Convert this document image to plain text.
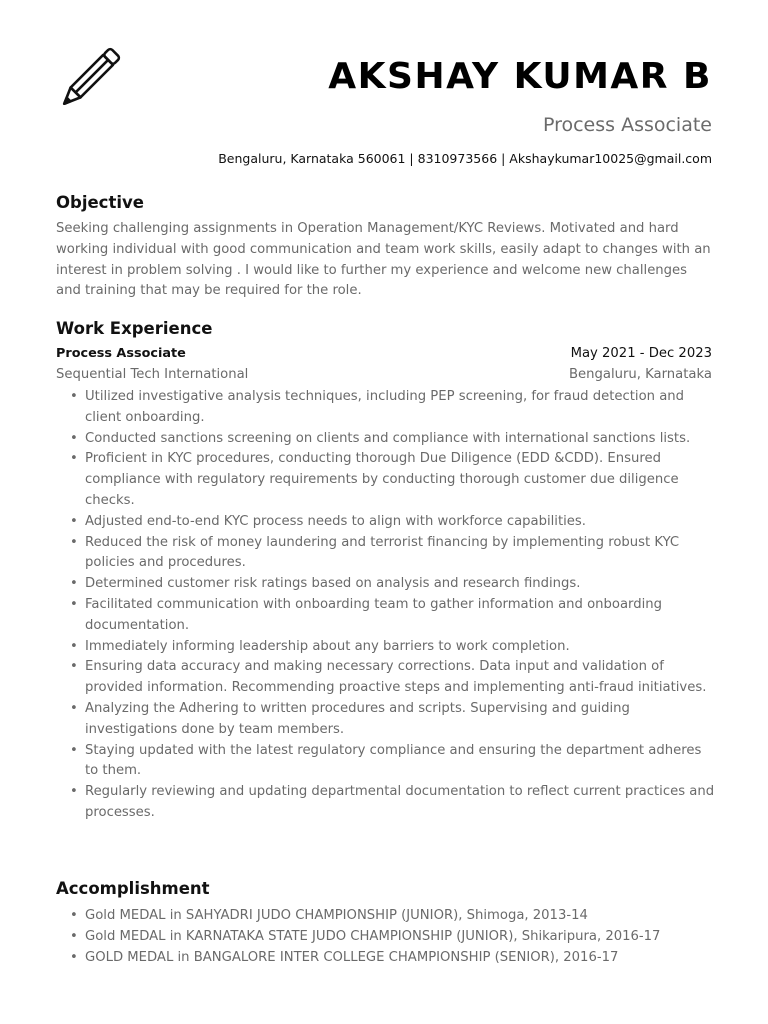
AKSHAY KUMAR B
Process Associate
Bengaluru, Karnataka 560061 | 8310973566 | Akshaykumar10025@gmail.com
Objective
Seeking challenging assignments in Operation Management/KYC Reviews. Motivated and hard working individual with good communication and team work skills, easily adapt to changes with an interest in problem solving . I would like to further my experience and welcome new challenges and training that may be required for the role.
Work Experience
Process Associate	May 2021 - Dec 2023
Sequential Tech International	Bengaluru, Karnataka
• Utilized investigative analysis techniques, including PEP screening, for fraud detection and client onboarding.
• Conducted sanctions screening on clients and compliance with international sanctions lists.
• Proficient in KYC procedures, conducting thorough Due Diligence (EDD &CDD). Ensured compliance with regulatory requirements by conducting thorough customer due diligence checks.
• Adjusted end-to-end KYC process needs to align with workforce capabilities.
• Reduced the risk of money laundering and terrorist financing by implementing robust KYC policies and procedures.
• Determined customer risk ratings based on analysis and research findings.
• Facilitated communication with onboarding team to gather information and onboarding documentation.
• Immediately informing leadership about any barriers to work completion.
• Ensuring data accuracy and making necessary corrections. Data input and validation of provided information. Recommending proactive steps and implementing anti-fraud initiatives.
• Analyzing the Adhering to written procedures and scripts. Supervising and guiding investigations done by team members.
• Staying updated with the latest regulatory compliance and ensuring the department adheres to them.
• Regularly reviewing and updating departmental documentation to reflect current practices and processes.
Accomplishment
• Gold MEDAL in SAHYADRI JUDO CHAMPIONSHIP (JUNIOR), Shimoga, 2013-14
• Gold MEDAL in KARNATAKA STATE JUDO CHAMPIONSHIP (JUNIOR), Shikaripura, 2016-17
• GOLD MEDAL in BANGALORE INTER COLLEGE CHAMPIONSHIP (SENIOR), 2016-17
